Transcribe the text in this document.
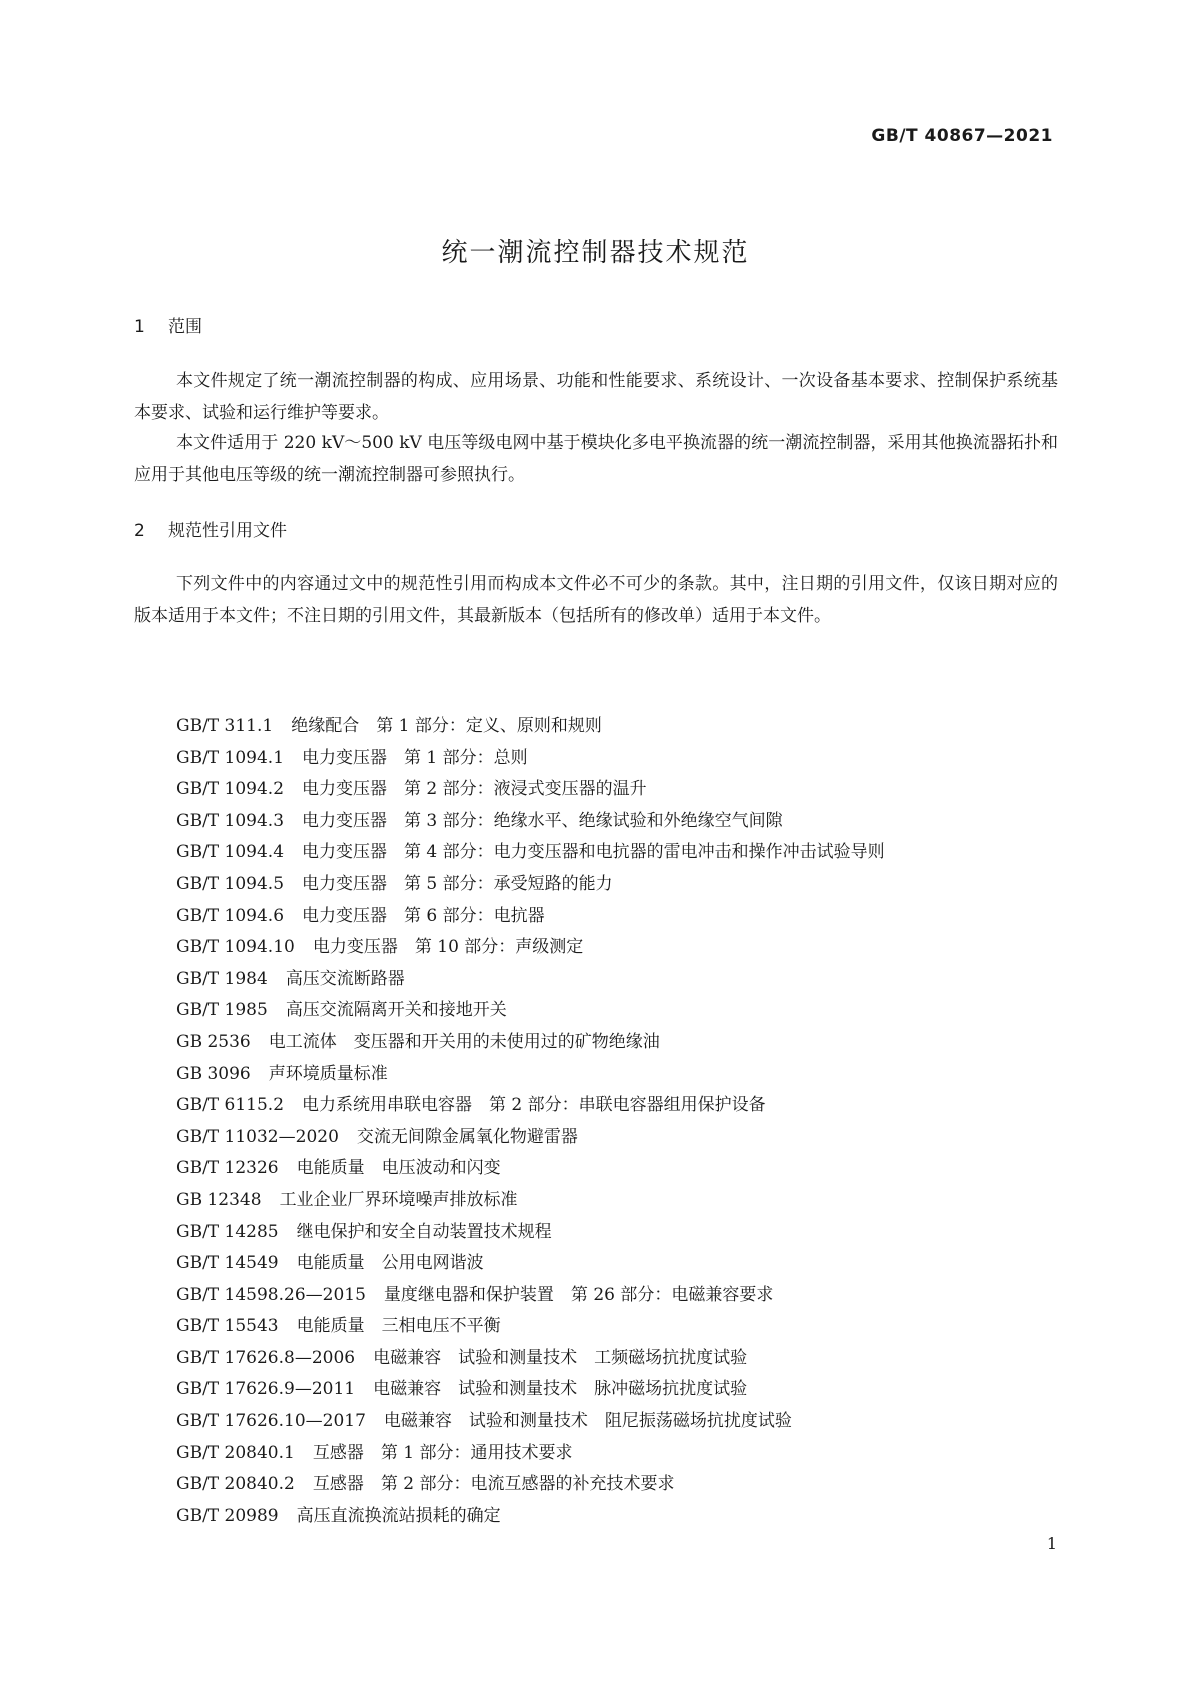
GB/T 40867—2021
统一潮流控制器技术规范
1 范围

本文件规定了统一潮流控制器的构成、应用场景、功能和性能要求、系统设计、一次设备基本要求、控制保护系统基本要求、试验和运行维护等要求。

本文件适用于 220 kV～500 kV 电压等级电网中基于模块化多电平换流器的统一潮流控制器，采用其他换流器拓扑和应用于其他电压等级的统一潮流控制器可参照执行。

2 规范性引用文件

下列文件中的内容通过文中的规范性引用而构成本文件必不可少的条款。其中，注日期的引用文件，仅该日期对应的版本适用于本文件；不注日期的引用文件，其最新版本（包括所有的修改单）适用于本文件。

GB/T 311.1 绝缘配合　第 1 部分：定义、原则和规则
GB/T 1094.1 电力变压器　第 1 部分：总则
GB/T 1094.2 电力变压器　第 2 部分：液浸式变压器的温升
GB/T 1094.3 电力变压器　第 3 部分：绝缘水平、绝缘试验和外绝缘空气间隙
GB/T 1094.4 电力变压器　第 4 部分：电力变压器和电抗器的雷电冲击和操作冲击试验导则
GB/T 1094.5 电力变压器　第 5 部分：承受短路的能力
GB/T 1094.6 电力变压器　第 6 部分：电抗器
GB/T 1094.10 电力变压器　第 10 部分：声级测定
GB/T 1984 高压交流断路器
GB/T 1985 高压交流隔离开关和接地开关
GB 2536 电工流体　变压器和开关用的未使用过的矿物绝缘油
GB 3096 声环境质量标准
GB/T 6115.2 电力系统用串联电容器　第 2 部分：串联电容器组用保护设备
GB/T 11032—2020 交流无间隙金属氧化物避雷器
GB/T 12326 电能质量　电压波动和闪变
GB 12348 工业企业厂界环境噪声排放标准
GB/T 14285 继电保护和安全自动装置技术规程
GB/T 14549 电能质量　公用电网谐波
GB/T 14598.26—2015 量度继电器和保护装置　第 26 部分：电磁兼容要求
GB/T 15543 电能质量　三相电压不平衡
GB/T 17626.8—2006 电磁兼容　试验和测量技术　工频磁场抗扰度试验
GB/T 17626.9—2011 电磁兼容　试验和测量技术　脉冲磁场抗扰度试验
GB/T 17626.10—2017 电磁兼容　试验和测量技术　阻尼振荡磁场抗扰度试验
GB/T 20840.1 互感器　第 1 部分：通用技术要求
GB/T 20840.2 互感器　第 2 部分：电流互感器的补充技术要求
GB/T 20989 高压直流换流站损耗的确定
1
